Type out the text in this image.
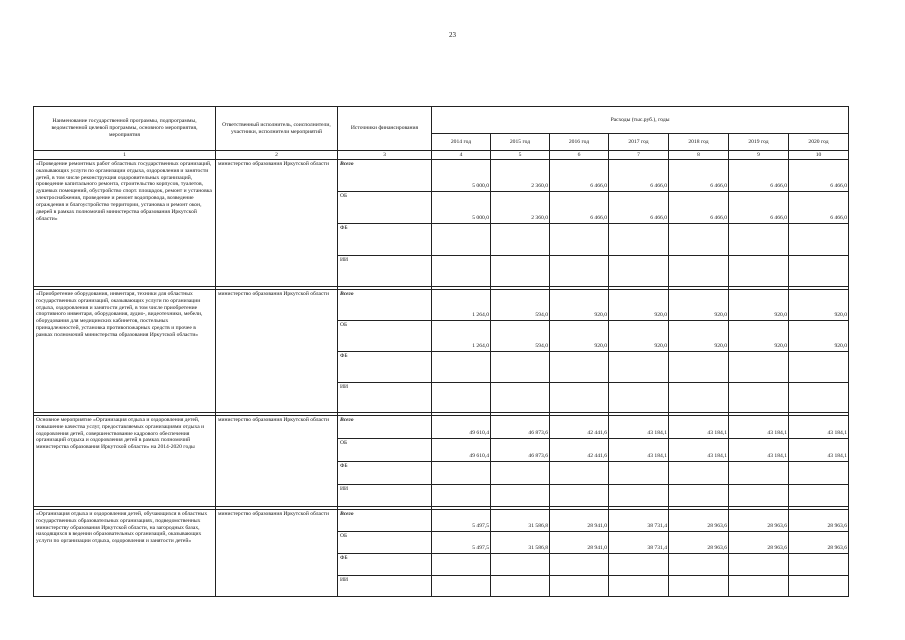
23
Наименование государственной программы, подпрограммы, ведомственной целевой программы, основного мероприятия, мероприятия	Ответственный исполнитель, соисполнители, участники, исполнители мероприятий	Источники финансирования	Расходы (тыс.руб.), годы						
			2014 год	2015 год	2016 год	2017 год	2018 год	2019 год	2020 год
1	2	3	4	5	6	7	8	9	10
«Проведение ремонтных работ областных государственных организаций, оказывающих услуги по организации отдыха, оздоровления и занятости детей, в том числе реконструкция оздоровительных организаций, проведение капитального ремонта, строительство корпусов, туалетов, душевых помещений, обустройство спорт. площадок, ремонт и установка электроснабжения, проведение и ремонт водопровода, возведение ограждения и благоустройство территории, установка и ремонт окон, дверей в рамках полномочий министерства образования Иркутской области»	министерство образования Иркутской области	Всего	5 000,0	2 360,0	6 466,0	6 466,0	6 466,0	6 466,0	6 466,0
		ОБ	5 000,0	2 360,0	6 466,0	6 466,0	6 466,0	6 466,0	6 466,0
		ФБ							
		ИИ							

«Приобретение оборудования, инвентаря, техники для областных государственных организаций, оказывающих услуги по организации отдыха, оздоровления и занятости детей, в том числе приобретение спортивного инвентаря, оборудования, аудио-, видеотехники, мебели, оборудования для медицинских кабинетов, постельных принадлежностей, установка противопожарных средств и прочее в рамках полномочий министерства образования Иркутской области»	министерство образования Иркутской области	Всего	1 264,0	594,0	920,0	920,0	920,0	920,0	920,0
		ОБ	1 264,0	594,0	920,0	920,0	920,0	920,0	920,0
		ФБ							
		ИИ							

Основное мероприятие «Организация отдыха и оздоровления детей, повышение качества услуг, предоставляемых организациями отдыха и оздоровления детей, совершенствование кадрового обеспечения организаций отдыха и оздоровления детей в рамках полномочий министерства образования Иркутской области» на 2014-2020 годы	министерство образования Иркутской области	Всего	49 610,4	46 873,6	42 441,6	43 184,1	43 184,1	43 184,1	43 184,1
		ОБ	49 610,4	46 873,6	42 441,6	43 184,1	43 184,1	43 184,1	43 184,1
		ФБ							
		ИИ							

«Организация отдыха и оздоровления детей, обучающихся в областных государственных образовательных организациях, подведомственных министерству образования Иркутской области, на загородных базах, находящихся в ведении образовательных организаций, оказывающих услуги по организации отдыха, оздоровления и занятости детей»	министерство образования Иркутской области	Всего	5 497,5	31 586,8	28 941,0	38 731,4	28 963,6	28 963,6	28 963,6
		ОБ	5 497,5	31 586,8	28 941,0	38 731,4	28 963,6	28 963,6	28 963,6
		ФБ							
		ИИ							
